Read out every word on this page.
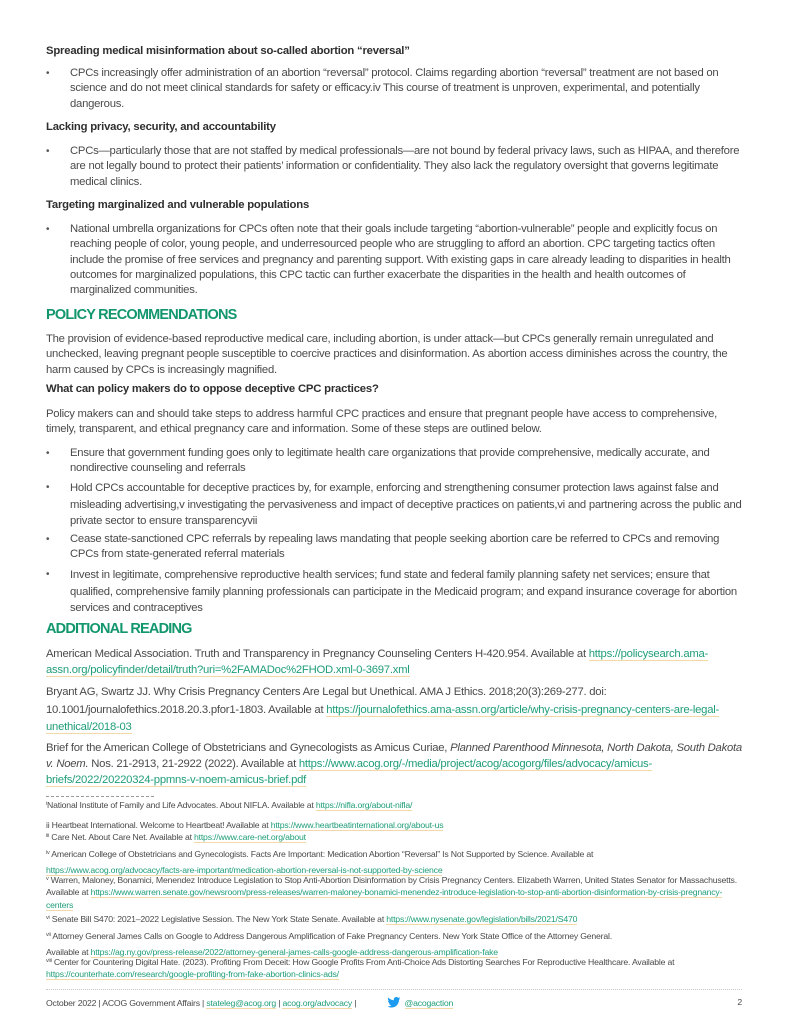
Spreading medical misinformation about so-called abortion “reversal”
•	CPCs increasingly offer administration of an abortion “reversal” protocol. Claims regarding abortion “reversal” treatment are not based on science and do not meet clinical standards for safety or efficacy.iv This course of treatment is unproven, experimental, and potentially dangerous.
Lacking privacy, security, and accountability
•	CPCs—particularly those that are not staffed by medical professionals—are not bound by federal privacy laws, such as HIPAA, and therefore are not legally bound to protect their patients’ information or confidentiality. They also lack the regulatory oversight that governs legitimate medical clinics.
Targeting marginalized and vulnerable populations
•	National umbrella organizations for CPCs often note that their goals include targeting “abortion-vulnerable” people and explicitly focus on reaching people of color, young people, and underresourced people who are struggling to afford an abortion. CPC targeting tactics often include the promise of free services and pregnancy and parenting support. With existing gaps in care already leading to disparities in health outcomes for marginalized populations, this CPC tactic can further exacerbate the disparities in the health and health outcomes of marginalized communities.
POLICY RECOMMENDATIONS

The provision of evidence-based reproductive medical care, including abortion, is under attack—but CPCs generally remain unregulated and unchecked, leaving pregnant people susceptible to coercive practices and disinformation. As abortion access diminishes across the country, the harm caused by CPCs is increasingly magnified.

What can policy makers do to oppose deceptive CPC practices?

Policy makers can and should take steps to address harmful CPC practices and ensure that pregnant people have access to comprehensive, timely, transparent, and ethical pregnancy care and information. Some of these steps are outlined below.

•	Ensure that government funding goes only to legitimate health care organizations that provide comprehensive, medically accurate, and nondirective counseling and referrals
•	Hold CPCs accountable for deceptive practices by, for example, enforcing and strengthening consumer protection laws against false and misleading advertising,v investigating the pervasiveness and impact of deceptive practices on patients,vi and partnering across the public and private sector to ensure transparencyvii
•	Cease state-sanctioned CPC referrals by repealing laws mandating that people seeking abortion care be referred to CPCs and removing CPCs from state-generated referral materials
•	Invest in legitimate, comprehensive reproductive health services; fund state and federal family planning safety net services; ensure that qualified, comprehensive family planning professionals can participate in the Medicaid program; and expand insurance coverage for abortion services and contraceptives
ADDITIONAL READING
American Medical Association. Truth and Transparency in Pregnancy Counseling Centers H-420.954. Available at https://policysearch.ama-assn.org/policyfinder/detail/truth?uri=%2FAMADoc%2FHOD.xml-0-3697.xml
Bryant AG, Swartz JJ. Why Crisis Pregnancy Centers Are Legal but Unethical. AMA J Ethics. 2018;20(3):269-277. doi: 10.1001/journalofethics.2018.20.3.pfor1-1803. Available at https://journalofethics.ama-assn.org/article/why-crisis-pregnancy-centers-are-legal-unethical/2018-03
Brief for the American College of Obstetricians and Gynecologists as Amicus Curiae, Planned Parenthood Minnesota, North Dakota, South Dakota v. Noem. Nos. 21-2913, 21-2922 (2022). Available at https://www.acog.org/-/media/project/acog/acogorg/files/advocacy/amicus-briefs/2022/20220324-ppmns-v-noem-amicus-brief.pdf
$^i$National Institute of Family and Life Advocates. About NIFLA. Available at https://nifla.org/about-nifla/
ii Heartbeat International. Welcome to Heartbeat! Available at https://www.heartbeatinternational.org/about-us
$^{iii}$ Care Net. About Care Net. Available at https://www.care-net.org/about
$^{iv}$ American College of Obstetricians and Gynecologists. Facts Are Important: Medication Abortion “Reversal” Is Not Supported by Science. Available at
https://www.acog.org/advocacy/facts-are-important/medication-abortion-reversal-is-not-supported-by-science
$^v$ Warren, Maloney, Bonamici, Menendez Introduce Legislation to Stop Anti-Abortion Disinformation by Crisis Pregnancy Centers. Elizabeth Warren, United States Senator for Massachusetts. Available at https://www.warren.senate.gov/newsroom/press-releases/warren-maloney-bonamici-menendez-introduce-legislation-to-stop-anti-abortion-disinformation-by-crisis-pregnancy-centers
$^{vi}$ Senate Bill S470: 2021–2022 Legislative Session. The New York State Senate. Available at https://www.nysenate.gov/legislation/bills/2021/S470
$^{vii}$ Attorney General James Calls on Google to Address Dangerous Amplification of Fake Pregnancy Centers. New York State Office of the Attorney General.
Available at https://ag.ny.gov/press-release/2022/attorney-general-james-calls-google-address-dangerous-amplification-fake
$^{viii}$ Center for Countering Digital Hate. (2023). Profiting From Deceit: How Google Profits From Anti-Choice Ads Distorting Searches For Reproductive Healthcare. Available at https://counterhate.com/research/google-profiting-from-fake-abortion-clinics-ads/
October 2022 | ACOG Government Affairs | stateleg@acog.org | acog.org/advocacy |	@acogaction	2
